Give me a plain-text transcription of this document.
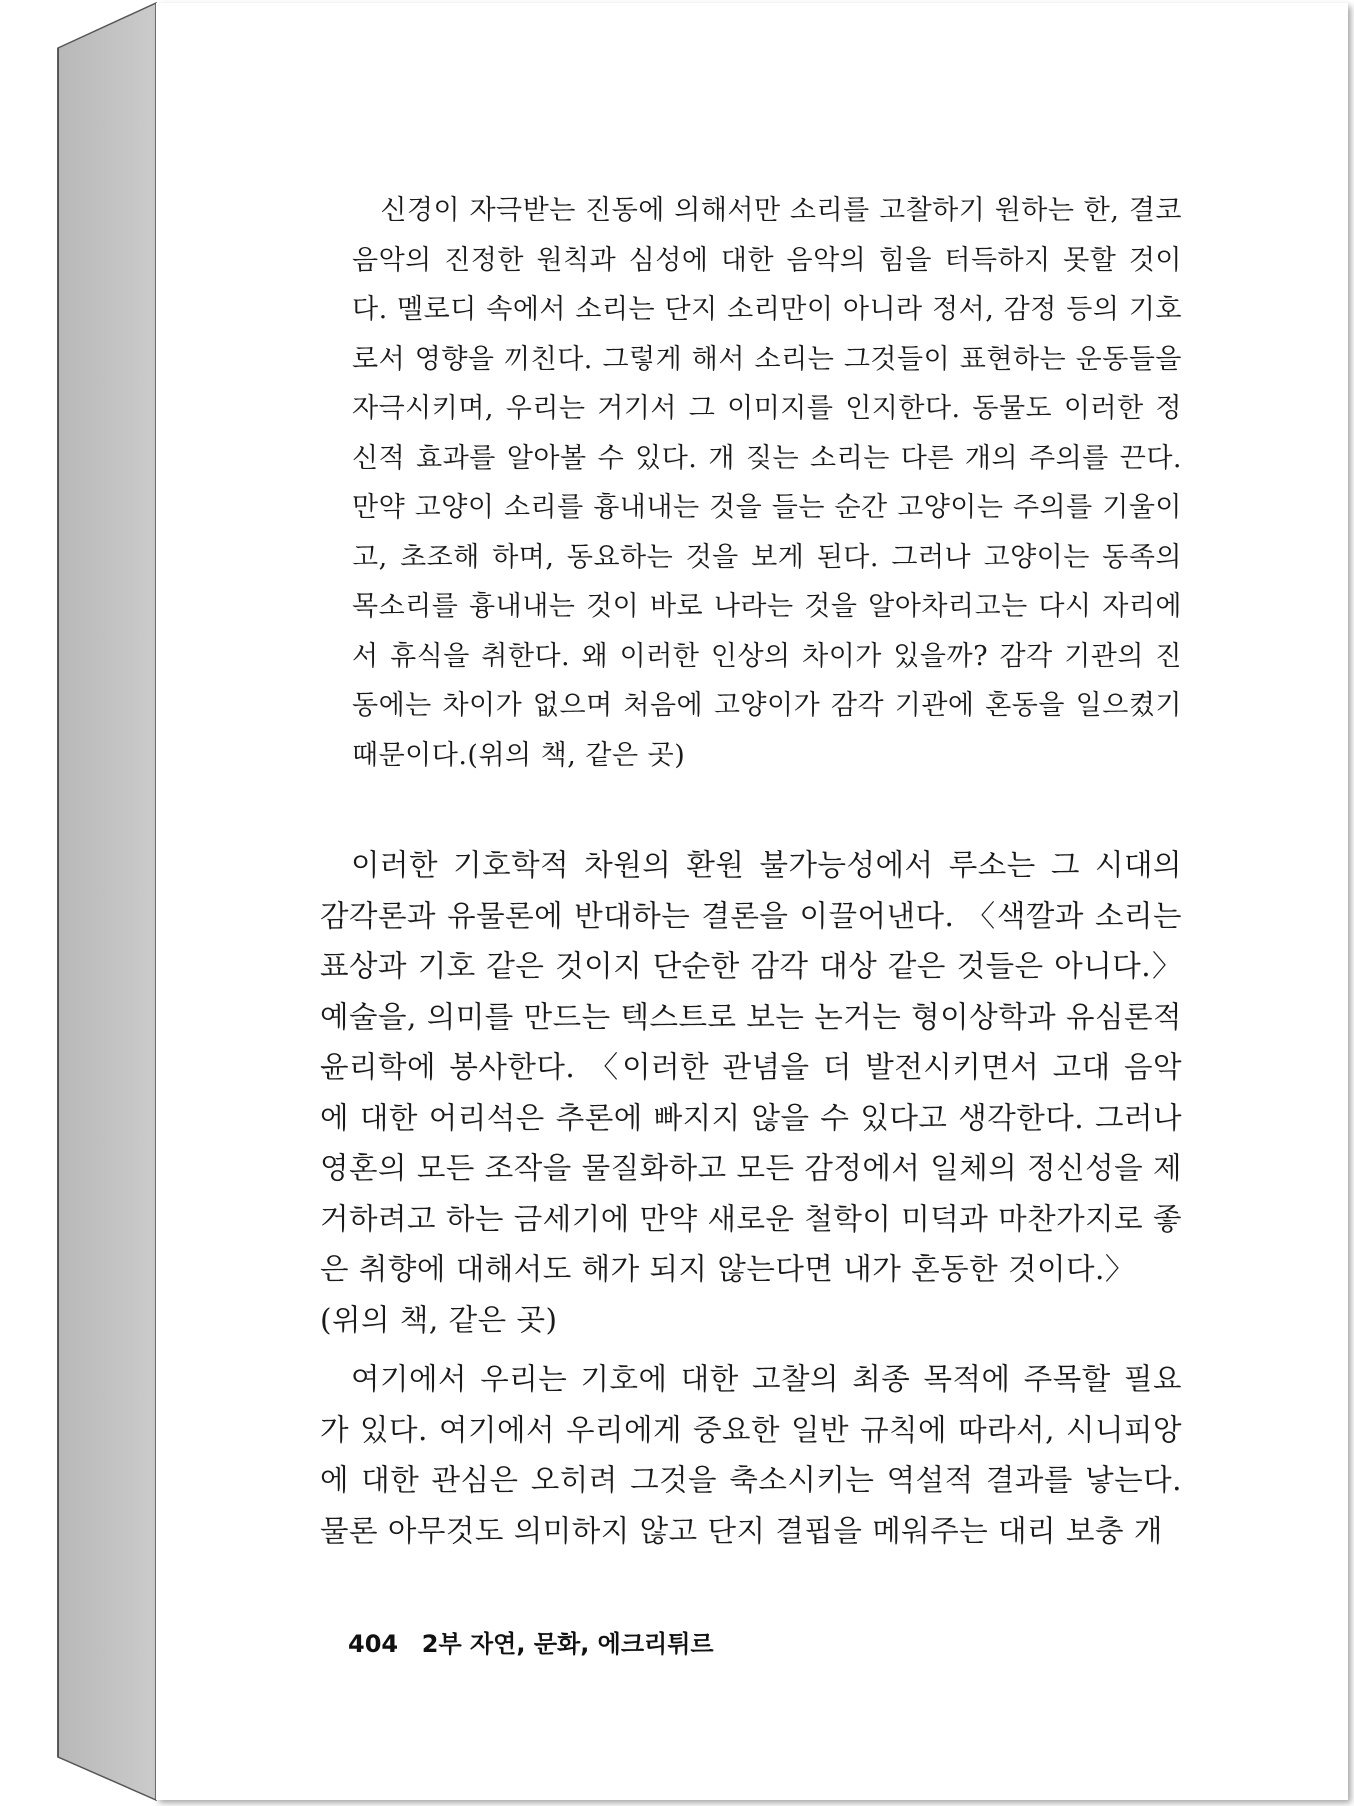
신경이 자극받는 진동에 의해서만 소리를 고찰하기 원하는 한, 결코 음악의 진정한 원칙과 심성에 대한 음악의 힘을 터득하지 못할 것이다. 멜로디 속에서 소리는 단지 소리만이 아니라 정서, 감정 등의 기호로서 영향을 끼친다. 그렇게 해서 소리는 그것들이 표현하는 운동들을 자극시키며, 우리는 거기서 그 이미지를 인지한다. 동물도 이러한 정신적 효과를 알아볼 수 있다. 개 짖는 소리는 다른 개의 주의를 끈다. 만약 고양이 소리를 흉내내는 것을 들는 순간 고양이는 주의를 기울이고, 초조해 하며, 동요하는 것을 보게 된다. 그러나 고양이는 동족의 목소리를 흉내내는 것이 바로 나라는 것을 알아차리고는 다시 자리에서 휴식을 취한다. 왜 이러한 인상의 차이가 있을까? 감각 기관의 진동에는 차이가 없으며 처음에 고양이가 감각 기관에 혼동을 일으켰기 때문이다.(위의 책, 같은 곳)

이러한 기호학적 차원의 환원 불가능성에서 루소는 그 시대의 감각론과 유물론에 반대하는 결론을 이끌어낸다. 〈색깔과 소리는 표상과 기호 같은 것이지 단순한 감각 대상 같은 것들은 아니다.〉 예술을, 의미를 만드는 텍스트로 보는 논거는 형이상학과 유심론적 윤리학에 봉사한다. 〈이러한 관념을 더 발전시키면서 고대 음악에 대한 어리석은 추론에 빠지지 않을 수 있다고 생각한다. 그러나 영혼의 모든 조작을 물질화하고 모든 감정에서 일체의 정신성을 제거하려고 하는 금세기에 만약 새로운 철학이 미덕과 마찬가지로 좋은 취향에 대해서도 해가 되지 않는다면 내가 혼동한 것이다.〉

(위의 책, 같은 곳)

여기에서 우리는 기호에 대한 고찰의 최종 목적에 주목할 필요가 있다. 여기에서 우리에게 중요한 일반 규칙에 따라서, 시니피앙에 대한 관심은 오히려 그것을 축소시키는 역설적 결과를 낳는다. 물론 아무것도 의미하지 않고 단지 결핍을 메워주는 대리 보충 개

404 2부 자연, 문화, 에크리튀르
